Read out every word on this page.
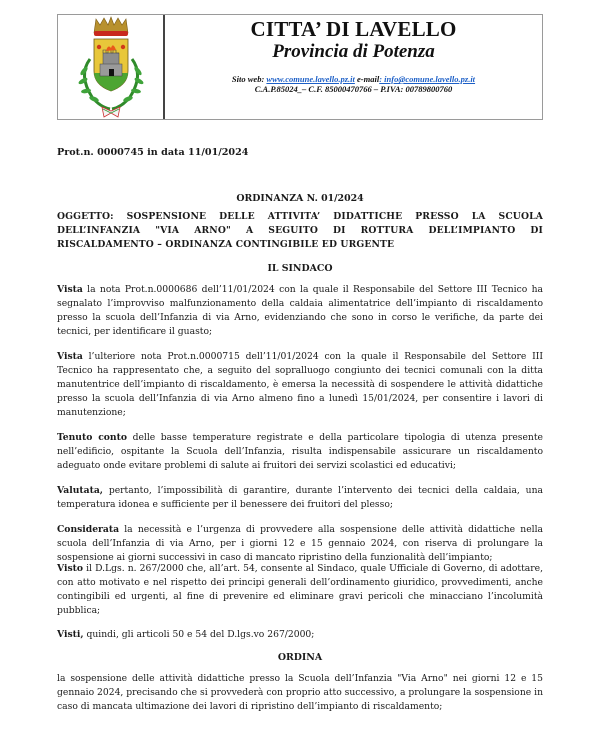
CITTA’ DI LAVELLO
Provincia di Potenza
Sito web: www.comune.lavello.pz.it e-mail: info@comune.lavello.pz.it
C.A.P.85024_– C.F. 85000470766 – P.IVA: 00789800760
Prot.n. 0000745 in data 11/01/2024
ORDINANZA N. 01/2024
OGGETTO: SOSPENSIONE DELLE ATTIVITA’ DIDATTICHE PRESSO LA SCUOLA DELL’INFANZIA "VIA ARNO" A SEGUITO DI ROTTURA DELL’IMPIANTO DI RISCALDAMENTO – ORDINANZA CONTINGIBILE ED URGENTE
IL SINDACO
Vista la nota Prot.n.0000686 dell’11/01/2024 con la quale il Responsabile del Settore III Tecnico ha segnalato l’improvviso malfunzionamento della caldaia alimentatrice dell’impianto di riscaldamento presso la scuola dell’Infanzia di via Arno, evidenziando che sono in corso le verifiche, da parte dei tecnici, per identificare il guasto;
Vista l’ulteriore nota Prot.n.0000715 dell’11/01/2024 con la quale il Responsabile del Settore III Tecnico ha rappresentato che, a seguito del sopralluogo congiunto dei tecnici comunali con la ditta manutentrice dell’impianto di riscaldamento, è emersa la necessità di sospendere le attività didattiche presso la scuola dell’Infanzia di via Arno almeno fino a lunedì 15/01/2024, per consentire i lavori di manutenzione;
Tenuto conto delle basse temperature registrate e della particolare tipologia di utenza presente nell’edificio, ospitante la Scuola dell’Infanzia, risulta indispensabile assicurare un riscaldamento adeguato onde evitare problemi di salute ai fruitori dei servizi scolastici ed educativi;
Valutata, pertanto, l’impossibilità di garantire, durante l’intervento dei tecnici della caldaia, una temperatura idonea e sufficiente per il benessere dei fruitori del plesso;
Considerata la necessità e l’urgenza di provvedere alla sospensione delle attività didattiche nella scuola dell’Infanzia di via Arno, per i giorni 12 e 15 gennaio 2024, con riserva di prolungare la sospensione ai giorni successivi in caso di mancato ripristino della funzionalità dell’impianto;
Visto il D.Lgs. n. 267/2000 che, all’art. 54, consente al Sindaco, quale Ufficiale di Governo, di adottare, con atto motivato e nel rispetto dei principi generali dell’ordinamento giuridico, provvedimenti, anche contingibili ed urgenti, al fine di prevenire ed eliminare gravi pericoli che minacciano l’incolumità pubblica;
Visti, quindi, gli articoli 50 e 54 del D.lgs.vo 267/2000;
ORDINA
la sospensione delle attività didattiche presso la Scuola dell’Infanzia "Via Arno" nei giorni 12 e 15 gennaio 2024, precisando che si provvederà con proprio atto successivo, a prolungare la sospensione in caso di mancata ultimazione dei lavori di ripristino dell’impianto di riscaldamento;
